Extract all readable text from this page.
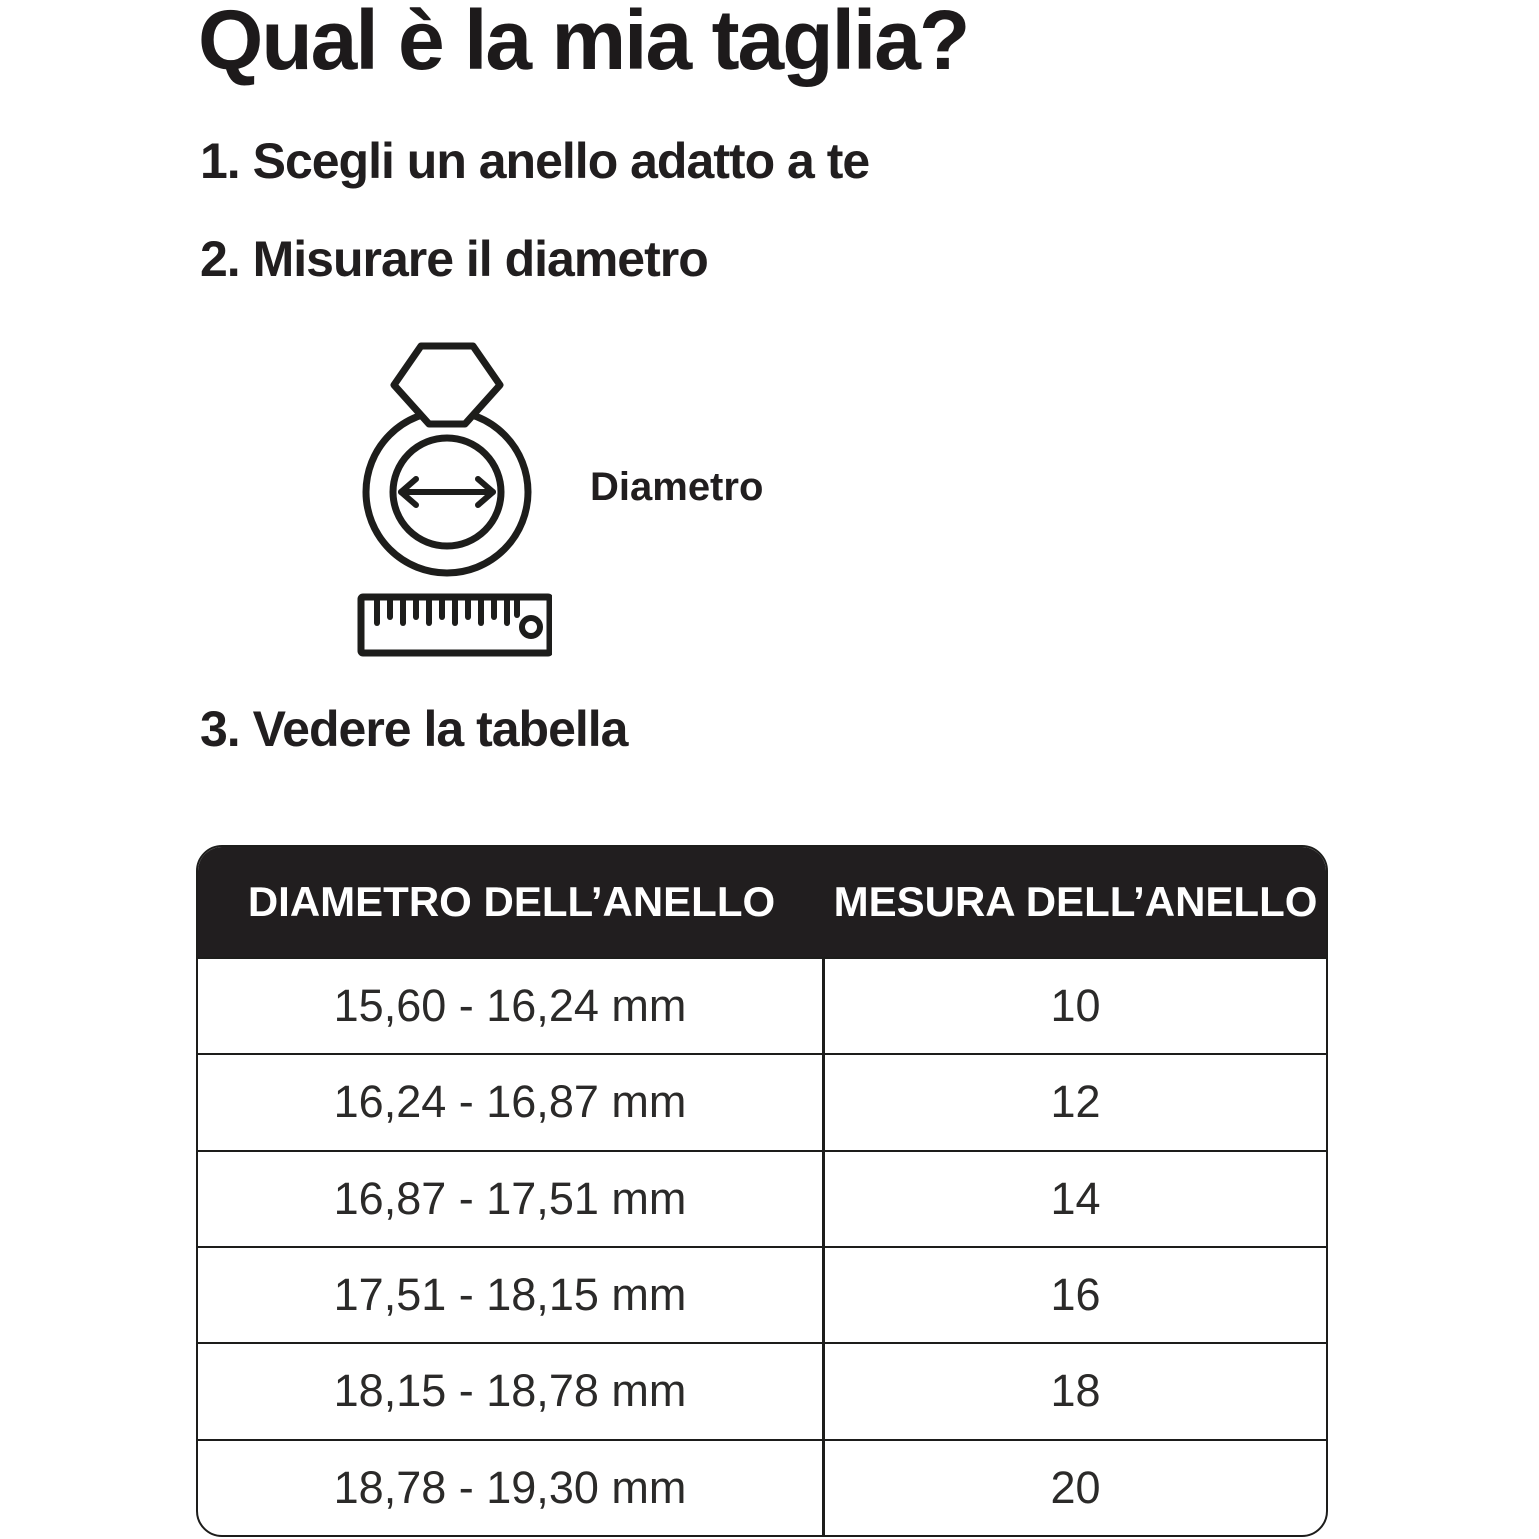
Qual è la mia taglia?
1. Scegli un anello adatto a te
2. Misurare il diametro
Diametro
3. Vedere la tabella
DIAMETRO DELL’ANELLO	MESURA DELL’ANELLO
15,60 - 16,24 mm	10
16,24 - 16,87 mm	12
16,87 - 17,51 mm	14
17,51 - 18,15 mm	16
18,15 - 18,78 mm	18
18,78 - 19,30 mm	20
